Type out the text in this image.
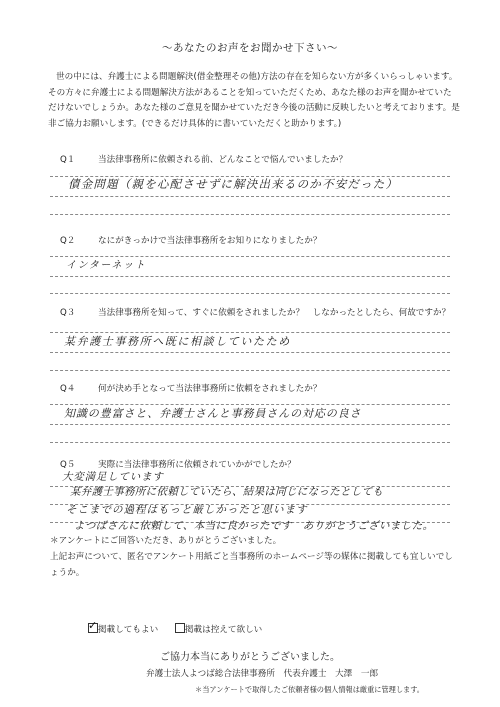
～あなたのお声をお聞かせ下さい～
世の中には、弁護士による問題解決(借金整理その他)方法の存在を知らない方が多くいらっしゃいます。その方々に弁護士による問題解決方法があることを知っていただくため、あなた様のお声を聞かせていただけないでしょうか。あなた様のご意見を聞かせていただき今後の活動に反映したいと考えております。是非ご協力お願いします。(できるだけ具体的に書いていただくと助かります。)
Q１	当法律事務所に依頼される前、どんなことで悩んでいましたか？
債金問題（親を心配させずに解決出来るのか不安だった）
Q２	なにがきっかけで当法律事務所をお知りになりましたか？
インターネット
Q３	当法律事務所を知って、すぐに依頼をされましたか？　しなかったとしたら、何故ですか？
某弁護士事務所へ既に相談していたため
Q４	何が決め手となって当法律事務所に依頼をされましたか？
知識の豊富さと、弁護士さんと事務員さんの対応の良さ
Q５	実際に当法律事務所に依頼されていかがでしたか？
大変満足しています
某弁護士事務所に依頼していたら、結果は同じになったとしても
そこまでの過程はもっと厳しかったと思います
よつばさんに依頼して、本当に良かったです　ありがとうございました。
＊アンケートにご回答いただき、ありがとうございました。
上記お声について、匿名でアンケート用紙ごと当事務所のホームページ等の媒体に掲載しても宜しいでしょうか。
✓ 掲載してもよい	掲載は控えて欲しい
ご協力本当にありがとうございました。
弁護士法人よつば総合法律事務所　代表弁護士　大澤　一郎
＊当アンケートで取得したご依頼者様の個人情報は厳重に管理します。
